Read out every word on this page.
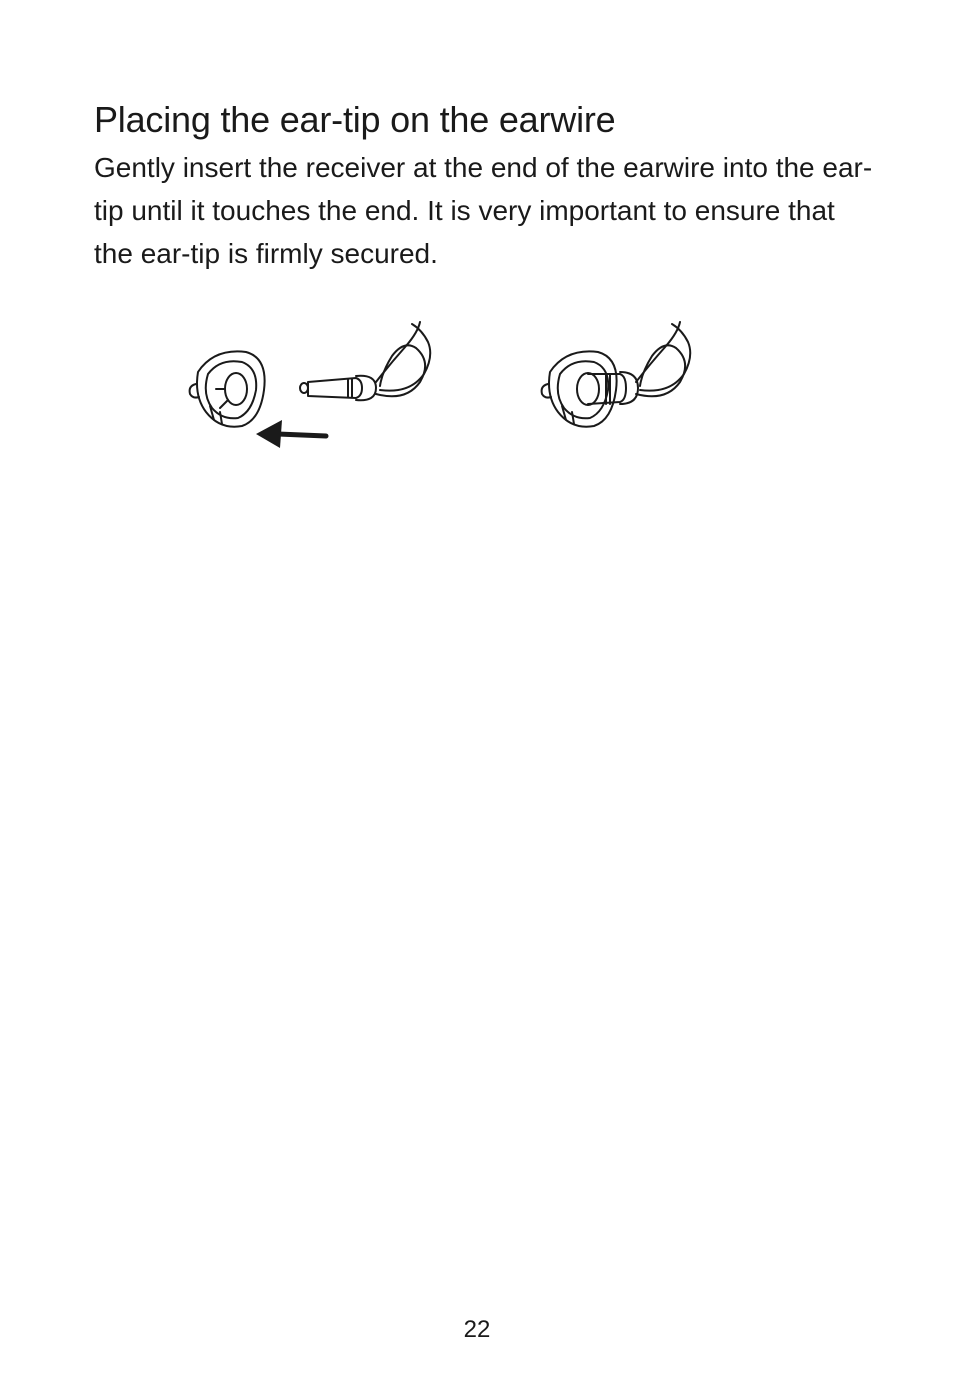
Placing the ear-tip on the earwire

Gently insert the receiver at the end of the earwire into the ear-tip until it touches the end. It is very important to ensure that the ear-tip is firmly secured.

22
